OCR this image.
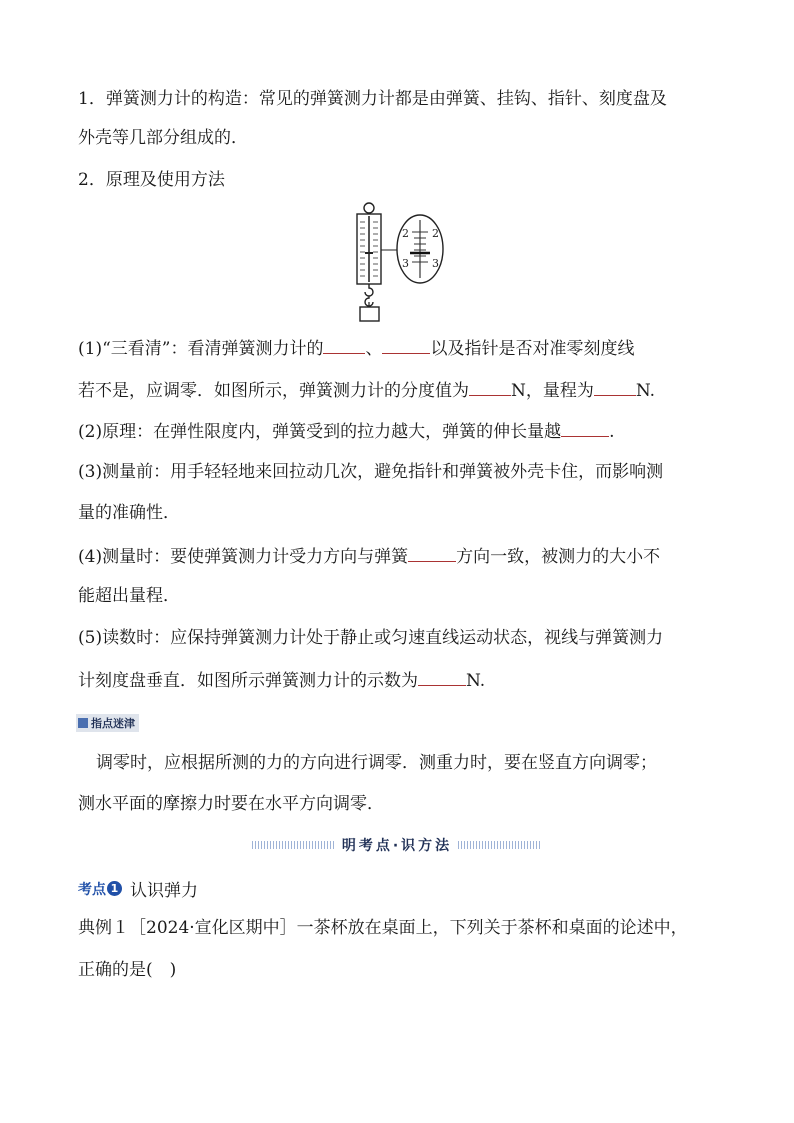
1．弹簧测力计的构造：常见的弹簧测力计都是由弹簧、挂钩、指针、刻度盘及
外壳等几部分组成的．
2．原理及使用方法
2 2
3 3
(1)“三看清”：看清弹簧测力计的 、	以及指针是否对准零刻度线
若不是，应调零．如图所示，弹簧测力计的分度值为 N，量程为 N.
(2)原理：在弹性限度内，弹簧受到的拉力越大，弹簧的伸长量越	.
(3)测量前：用手轻轻地来回拉动几次，避免指针和弹簧被外壳卡住，而影响测
量的准确性．
(4)测量时：要使弹簧测力计受力方向与弹簧	方向一致，被测力的大小不
能超出量程．
(5)读数时：应保持弹簧测力计处于静止或匀速直线运动状态，视线与弹簧测力
计刻度盘垂直．如图所示弹簧测力计的示数为	N.
指点迷津
调零时，应根据所测的力的方向进行调零．测重力时，要在竖直方向调零；
测水平面的摩擦力时要在水平方向调零．
明考点·识方法
考点 1 认识弹力
典例１［2024·宣化区期中］一茶杯放在桌面上，下列关于茶杯和桌面的论述中，
正确的是(　)
